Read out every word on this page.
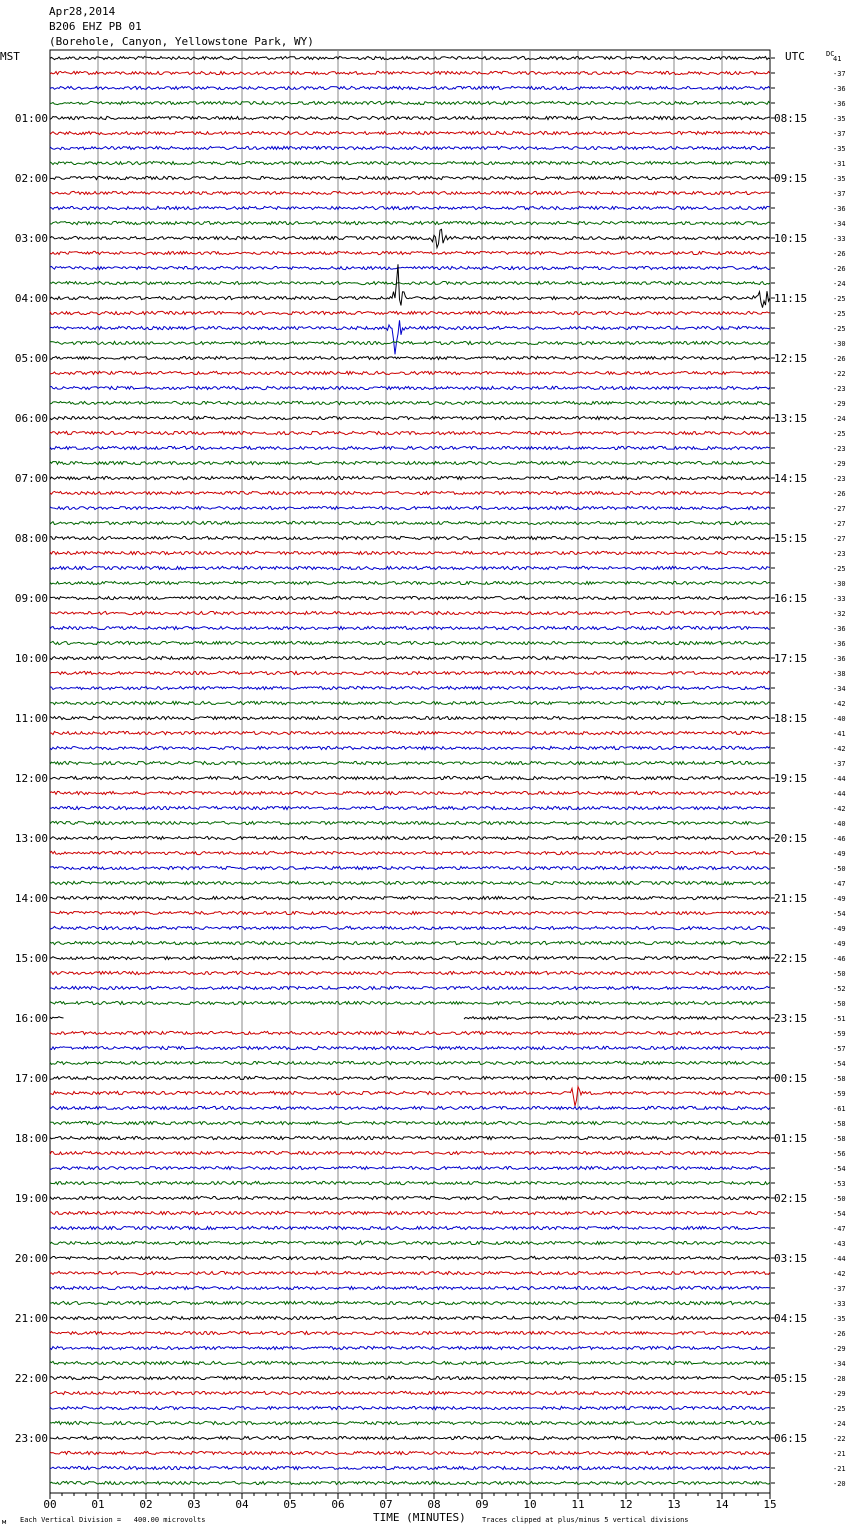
00	01	02	03	04	05	06	07	08	09	10	11	12	13	14	15
41
-37
-36
-36
-35
-37
-35
-31
-35
-37
-36
-34
-33
-26
-26
-24
-25
-25
-25
-30
-26
-22
-23
-29
-24
-25
-23
-29
-23
-26
-27
-27
-27
-23
-25
-30
-33
-32
-36
-36
-36
-38
-34
-42
-40
-41
-42
-37
-44
-44
-42
-40
-46
-49
-50
-47
-49
-54
-49
-49
-46
-50
-52
-50
-51
-59
-57
-54
-58
-59
-61
-58
-58
-56
-54
-53
-50
-54
-47
-43
-44
-42
-37
-33
-35
-26
-29
-34
-28
-29
-25
-24
-22
-21
-21
-20
01:00	08:15
02:00	09:15
03:00	10:15
04:00	11:15
05:00	12:15
06:00	13:15
07:00	14:15
08:00	15:15
09:00	16:15
10:00	17:15
11:00	18:15
12:00	19:15
13:00	20:15
14:00	21:15
15:00	22:15
16:00	23:15
17:00	00:15
18:00	01:15
19:00	02:15
20:00	03:15
21:00	04:15
22:00	05:15
23:00	06:15
Apr28,2014
B206 EHZ PB 01
(Borehole, Canyon, Yellowstone Park, WY)
MST	UTC	DC
TIME (MINUTES)
Each Vertical Division =   400.00 microvolts	Traces clipped at plus/minus 5 vertical divisions
м
